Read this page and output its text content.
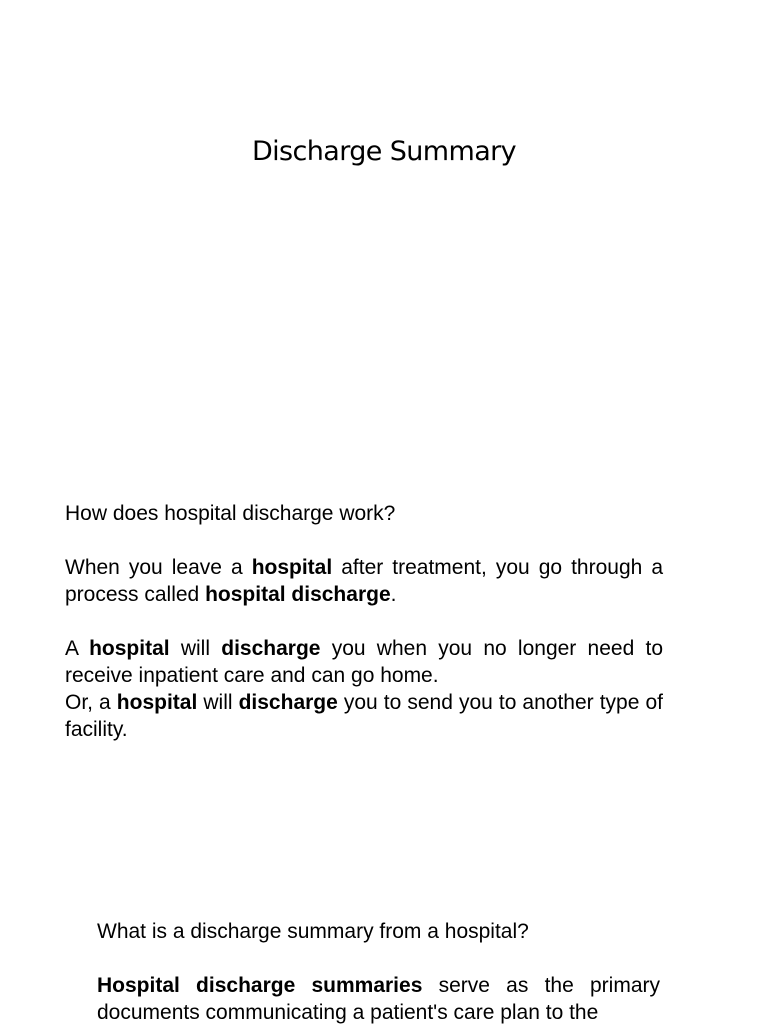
Discharge Summary

How does hospital discharge work?

When you leave a hospital after treatment, you go through a process called hospital discharge.

A hospital will discharge you when you no longer need to receive inpatient care and can go home.

Or, a hospital will discharge you to send you to another type of facility.

What is a discharge summary from a hospital?

Hospital discharge summaries serve as the primary documents communicating a patient's care plan to the
